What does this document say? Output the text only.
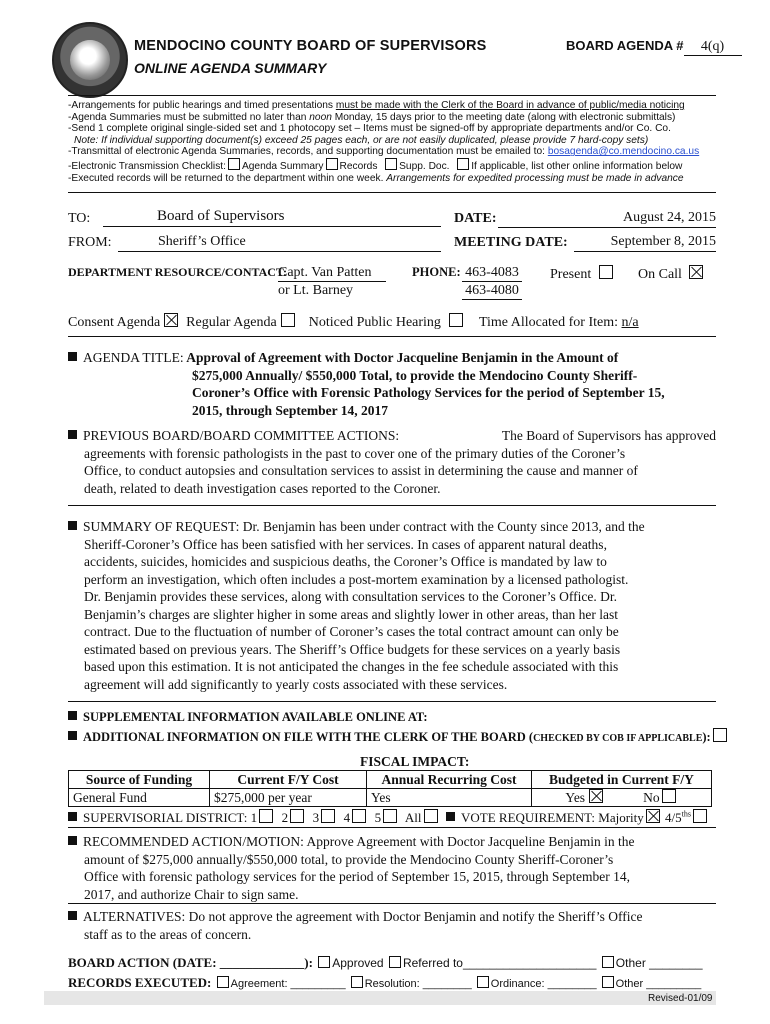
MENDOCINO COUNTY BOARD OF SUPERVISORS
ONLINE AGENDA SUMMARY
BOARD AGENDA # 4(q)
-Arrangements for public hearings and timed presentations must be made with the Clerk of the Board in advance of public/media noticing
-Agenda Summaries must be submitted no later than noon Monday, 15 days prior to the meeting date (along with electronic submittals)
-Send 1 complete original single-sided set and 1 photocopy set – Items must be signed-off by appropriate departments and/or Co. Co.
Note: If individual supporting document(s) exceed 25 pages each, or are not easily duplicated, please provide 7 hard-copy sets)
-Transmittal of electronic Agenda Summaries, records, and supporting documentation must be emailed to: bosagenda@co.mendocino.ca.us
-Electronic Transmission Checklist: Agenda Summary Records Supp. Doc. If applicable, list other online information below
-Executed records will be returned to the department within one week. Arrangements for expedited processing must be made in advance
TO:	Board of Supervisors	DATE:	August 24, 2015
FROM:	Sheriff’s Office	MEETING DATE:	September 8, 2015
DEPARTMENT RESOURCE/CONTACT:
Capt. Van Patten
or Lt. Barney
PHONE: 463-4083
463-4080
Present	On Call
Consent Agenda Regular Agenda Noticed Public Hearing	Time Allocated for Item: n/a
AGENDA TITLE: Approval of Agreement with Doctor Jacqueline Benjamin in the Amount of
$275,000 Annually/ $550,000 Total, to provide the Mendocino County Sheriff-
Coroner’s Office with Forensic Pathology Services for the period of September 15,
2015, through September 14, 2017
PREVIOUS BOARD/BOARD COMMITTEE ACTIONS:	The Board of Supervisors has approved
agreements with forensic pathologists in the past to cover one of the primary duties of the Coroner’s
Office, to conduct autopsies and consultation services to assist in determining the cause and manner of
death, related to death investigation cases reported to the Coroner.
SUMMARY OF REQUEST: Dr. Benjamin has been under contract with the County since 2013, and the
Sheriff-Coroner’s Office has been satisfied with her services. In cases of apparent natural deaths,
accidents, suicides, homicides and suspicious deaths, the Coroner’s Office is mandated by law to
perform an investigation, which often includes a post-mortem examination by a licensed pathologist.
Dr. Benjamin provides these services, along with consultation services to the Coroner’s Office. Dr.
Benjamin’s charges are slighter higher in some areas and slightly lower in other areas, than her last
contract. Due to the fluctuation of number of Coroner’s cases the total contract amount can only be
estimated based on previous years. The Sheriff’s Office budgets for these services on a yearly basis
based upon this estimation. It is not anticipated the changes in the fee schedule associated with this
agreement will add significantly to yearly costs associated with these services.
SUPPLEMENTAL INFORMATION AVAILABLE ONLINE AT:
ADDITIONAL INFORMATION ON FILE WITH THE CLERK OF THE BOARD (CHECKED BY COB IF APPLICABLE):
FISCAL IMPACT:
Source of Funding	Current F/Y Cost	Annual Recurring Cost	Budgeted in Current F/Y
General Fund	$275,000 per year	Yes	Yes No
SUPERVISORIAL DISTRICT: 1 2 3 4 5 All	VOTE REQUIREMENT: Majority $4/5^{ths}$
RECOMMENDED ACTION/MOTION: Approve Agreement with Doctor Jacqueline Benjamin in the
amount of $275,000 annually/$550,000 total, to provide the Mendocino County Sheriff-Coroner’s
Office with forensic pathology services for the period of September 15, 2015, through September 14,
2017, and authorize Chair to sign same.
ALTERNATIVES: Do not approve the agreement with Doctor Benjamin and notify the Sheriff’s Office
staff as to the areas of concern.
BOARD ACTION (DATE: _____________): Approved Referred to____________________ Other ________
RECORDS EXECUTED: Agreement: _________ Resolution: ________ Ordinance: ________ Other _________
Revised-01/09
